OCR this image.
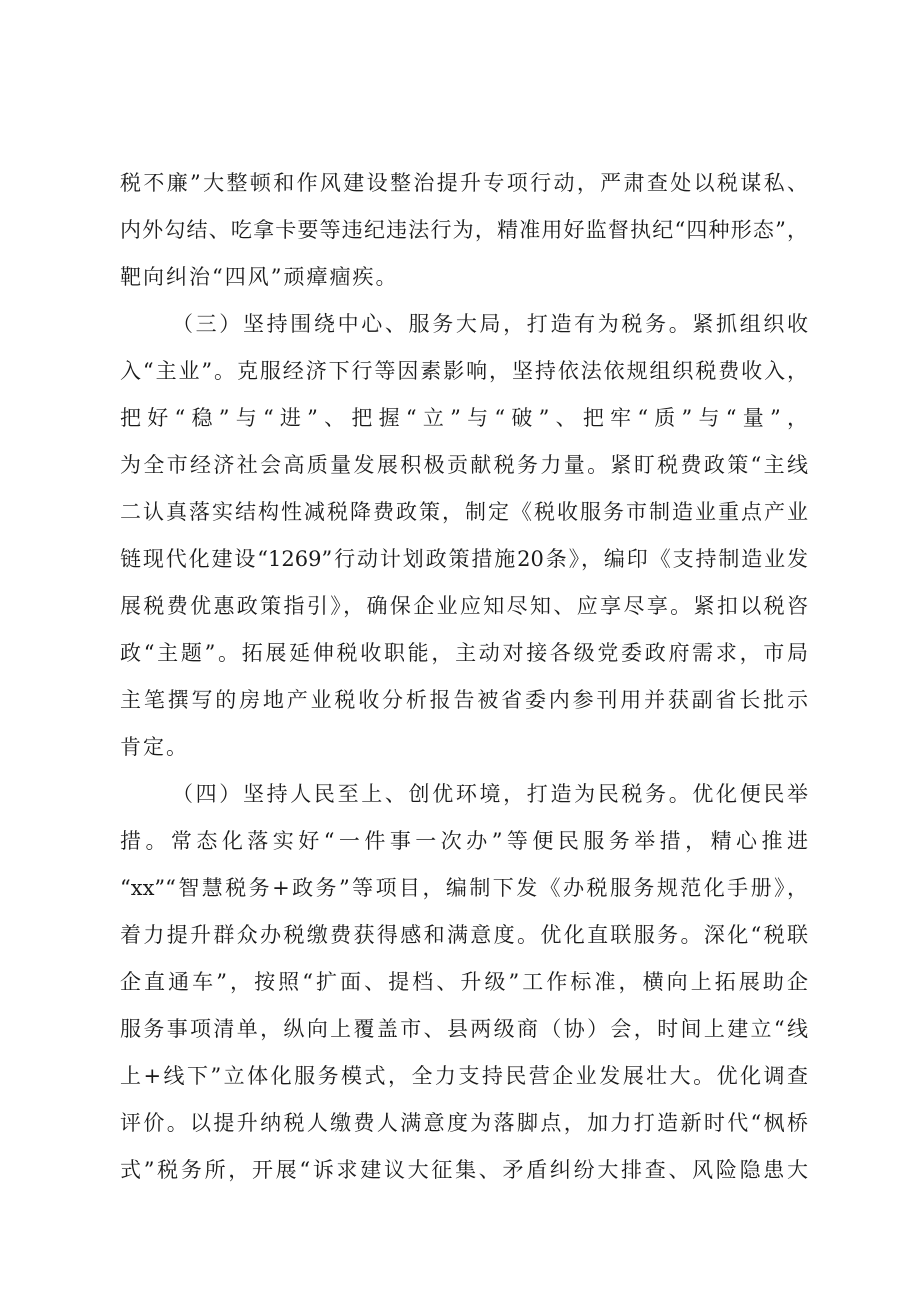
税不廉”大整顿和作风建设整治提升专项行动，严肃查处以税谋私、
内外勾结、吃拿卡要等违纪违法行为，精准用好监督执纪“四种形态”，
靶向纠治“四风”顽瘴痼疾。
（三）坚持围绕中心、服务大局，打造有为税务。紧抓组织收
入“主业”。克服经济下行等因素影响，坚持依法依规组织税费收入，
把好“稳”与“进”、把握“立”与“破”、把牢“质”与“量”，
为全市经济社会高质量发展积极贡献税务力量。紧盯税费政策“主线
二认真落实结构性减税降费政策，制定《税收服务市制造业重点产业
链现代化建设“1269”行动计划政策措施20条》，编印《支持制造业发
展税费优惠政策指引》，确保企业应知尽知、应享尽享。紧扣以税咨
政“主题”。拓展延伸税收职能，主动对接各级党委政府需求，市局
主笔撰写的房地产业税收分析报告被省委内参刊用并获副省长批示
肯定。
（四）坚持人民至上、创优环境，打造为民税务。优化便民举
措。常态化落实好“一件事一次办”等便民服务举措，精心推进
“xx”“智慧税务+政务”等项目，编制下发《办税服务规范化手册》，
着力提升群众办税缴费获得感和满意度。优化直联服务。深化“税联
企直通车”，按照“扩面、提档、升级”工作标准，横向上拓展助企
服务事项清单，纵向上覆盖市、县两级商（协）会，时间上建立“线
上+线下”立体化服务模式，全力支持民营企业发展壮大。优化调查
评价。以提升纳税人缴费人满意度为落脚点，加力打造新时代“枫桥
式”税务所，开展“诉求建议大征集、矛盾纠纷大排查、风险隐患大
